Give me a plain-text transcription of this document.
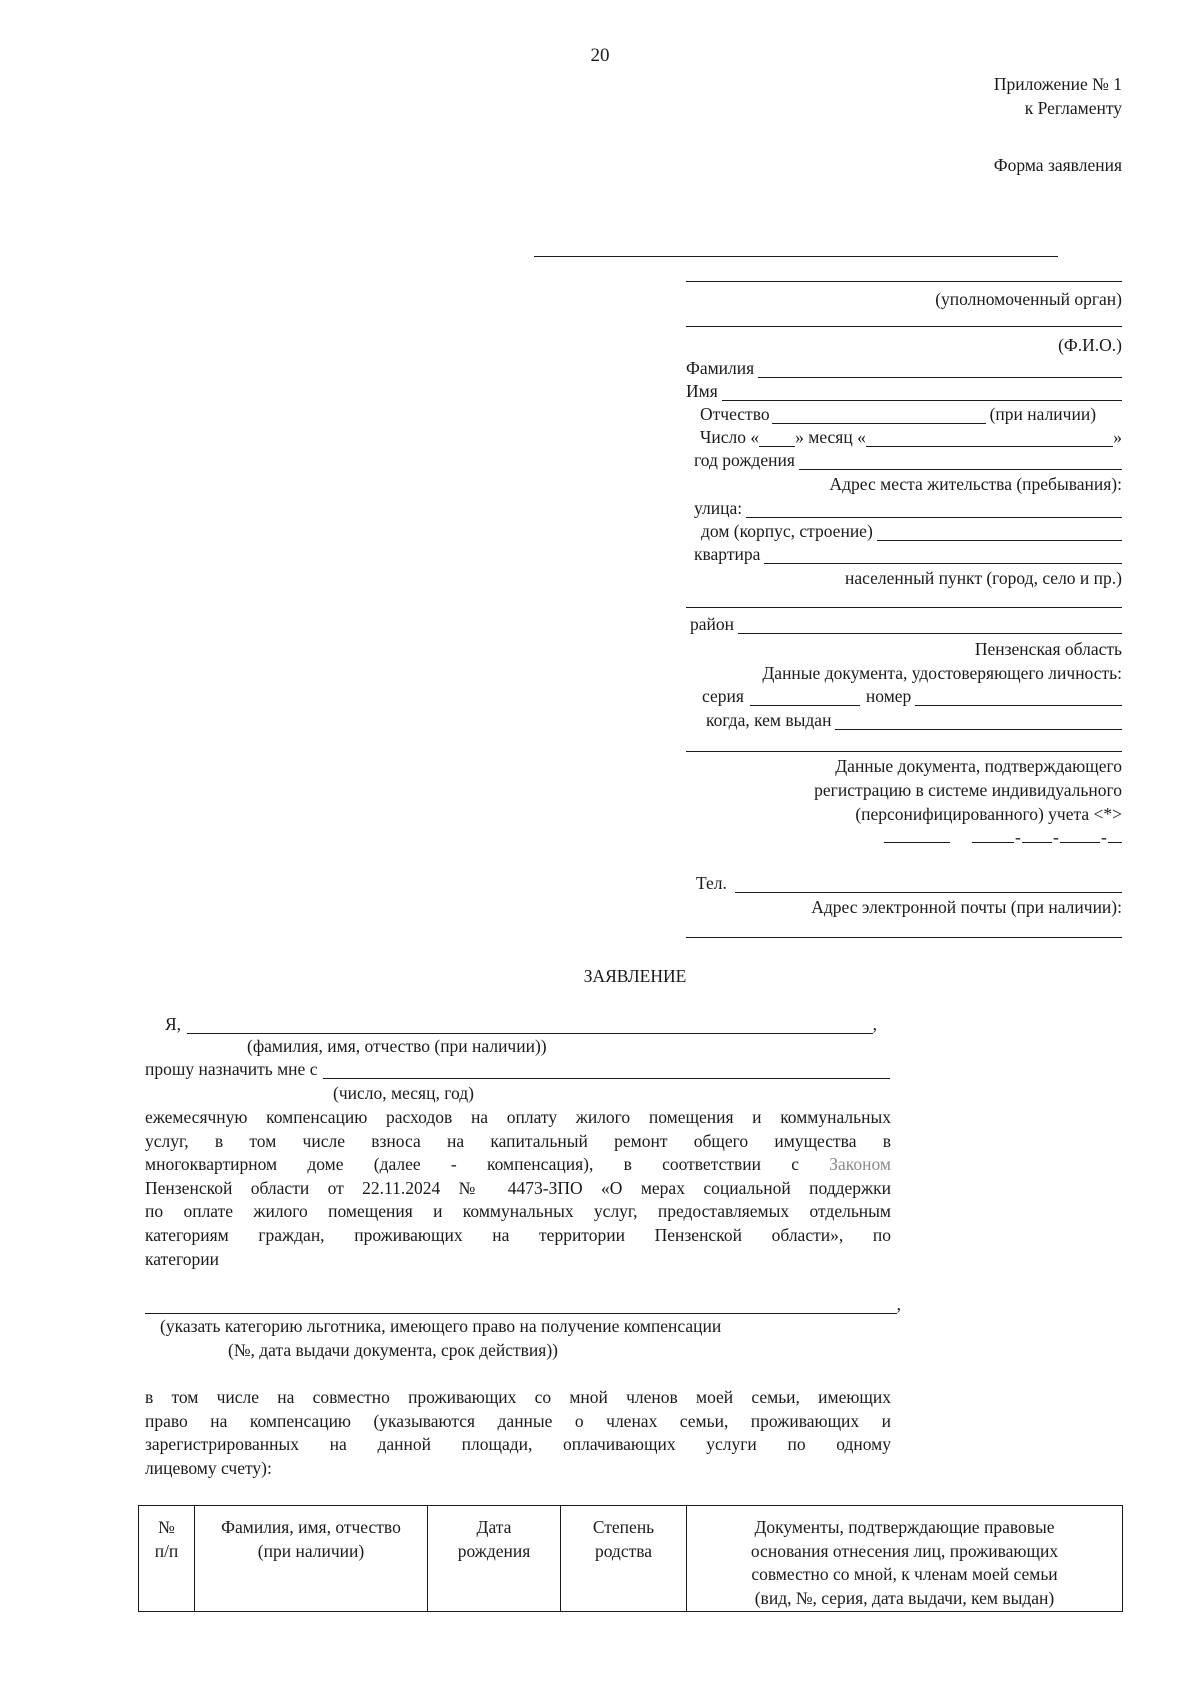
20
Приложение № 1
к Регламенту
Форма заявления
(уполномоченный орган)
(Ф.И.О.)
Фамилия
Имя
Отчество	(при наличии)
Число « » месяц «	»
год рождения
Адрес места жительства (пребывания):
улица:
дом (корпус, строение)
квартира
населенный пункт (город, село и пр.)
район
Пензенская область
Данные документа, удостоверяющего личность:
серия	номер
когда, кем выдан
Данные документа, подтверждающего
регистрацию в системе индивидуального
(персонифицированного) учета <*>
- - -
Тел.
Адрес электронной почты (при наличии):
ЗАЯВЛЕНИЕ
Я,	,
(фамилия, имя, отчество (при наличии))
прошу назначить мне с
(число, месяц, год)
ежемесячную компенсацию расходов на оплату жилого помещения и коммунальных
услуг, в том числе взноса на капитальный ремонт общего имущества в
многоквартирном доме (далее - компенсация), в соответствии с Законом
Пензенской области от 22.11.2024 № 4473-ЗПО «О мерах социальной поддержки
по оплате жилого помещения и коммунальных услуг, предоставляемых отдельным
категориям граждан, проживающих на территории Пензенской области», по
категории
,
(указать категорию льготника, имеющего право на получение компенсации
(№, дата выдачи документа, срок действия))
в том числе на совместно проживающих со мной членов моей семьи, имеющих
право на компенсацию (указываются данные о членах семьи, проживающих и
зарегистрированных на данной площади, оплачивающих услуги по одному
лицевому счету):
№
п/п

Фамилия, имя, отчество
(при наличии)

Дата
рождения

Степень
родства

Документы, подтверждающие правовые
основания отнесения лиц, проживающих
совместно со мной, к членам моей семьи
(вид, №, серия, дата выдачи, кем выдан)
